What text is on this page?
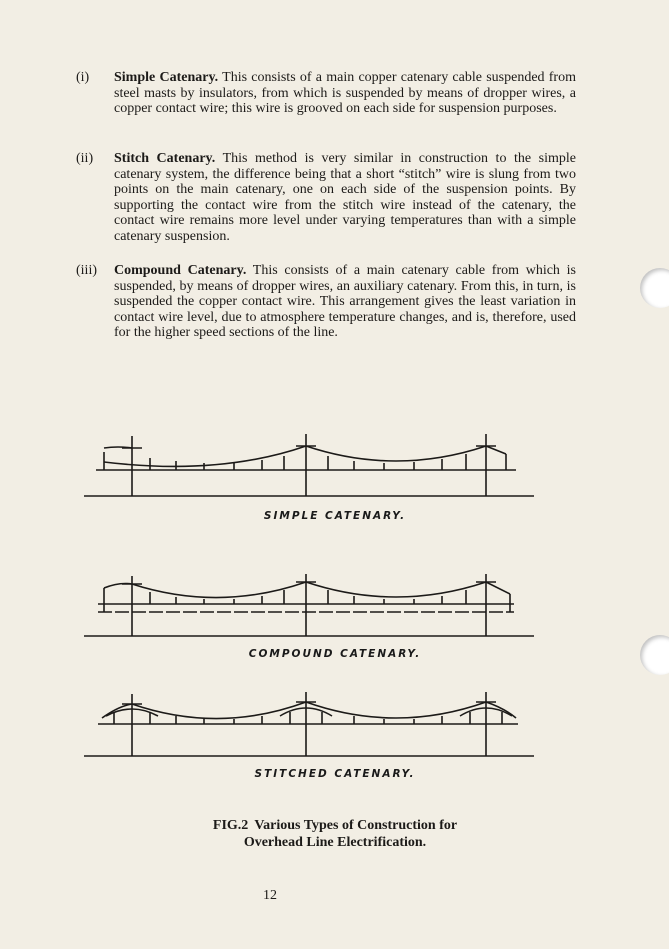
(i)	Simple Catenary. This consists of a main copper catenary cable suspended from steel masts by insulators, from which is suspended by means of dropper wires, a copper contact wire; this wire is grooved on each side for suspension purposes.
(ii)	Stitch Catenary. This method is very similar in construction to the simple catenary system, the difference being that a short “stitch” wire is slung from two points on the main catenary, one on each side of the suspension points. By supporting the contact wire from the stitch wire instead of the catenary, the contact wire remains more level under varying temperatures than with a simple catenary suspension.
(iii)	Compound Catenary. This consists of a main catenary cable from which is suspended, by means of dropper wires, an auxiliary catenary. From this, in turn, is suspended the copper contact wire. This arrangement gives the least variation in contact wire level, due to atmosphere temperature changes, and is, therefore, used for the higher speed sections of the line.
SIMPLE CATENARY.
COMPOUND CATENARY.
STITCHED CATENARY.
FIG.2 Various Types of Construction for
Overhead Line Electrification.
12
